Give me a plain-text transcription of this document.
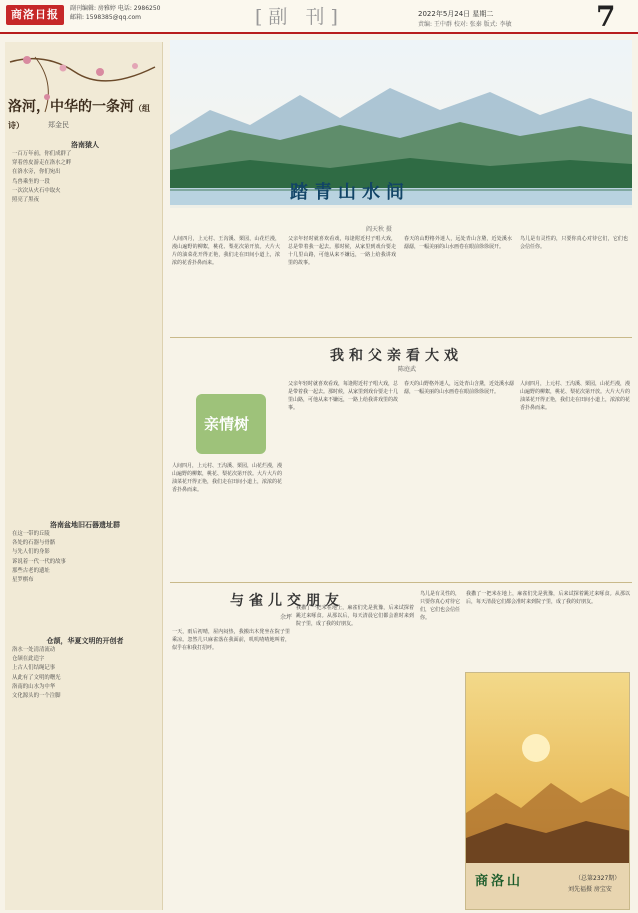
商洛日报	副刊编辑: 房雅婷 电话: 2986250
邮箱: 1598385@qq.com	[副 刊]	2022年5月24日 星期二
责编: 王中群 校对: 张秦 版式: 李敏	7
洛河，中华的一条河（组诗）	郑金民
洛南猿人
一百万年前，你们成群了
穿着兽皮游走在洛水之畔
在洛水旁，你们宛出
鸟兽乘坐的一段
一次次从火石中取火
照亮了黑夜
洛南盆地旧石器遗址群
在这一带的丘陵
各处的石器与骨骼
与先人们的身影
诉说着一代一代的故事
那些古老的遗址
星罗棋布
仓颉，华夏文明的开创者
洛水一处清清流动
仓颉在此造字
上古人们结绳记事
从此有了文明的曙光
洛南的山水为中华
文化源头的一个注脚
踏青山水间
阎天秋 摄
人间四月，上元村、王沟溪、栗园，山花烂漫，漫山遍野的柳絮，桃花、梨花次第开放。大片大片的油菜花开得正艳，我们走在田间小道上，浓浓的花香扑鼻而来。
父亲年轻时就喜欢看戏，每逢附近村子唱大戏，总是带着我一起去。那时候，从家里到戏台要走十几里山路，可他从来不嫌远，一路上给我讲戏里的故事。
春天的山野格外迷人，远处青山含黛，近处溪水潺潺，一幅美丽的山水画卷在眼前徐徐展开。
鸟儿是有灵性的，只要你真心对待它们，它们也会信任你。
我和父亲看大戏
陈庭武
亲情树
人间四月，上元村、王沟溪、栗园，山花烂漫，漫山遍野的柳絮，桃花、梨花次第开放。大片大片的油菜花开得正艳，我们走在田间小道上，浓浓的花香扑鼻而来。
父亲年轻时就喜欢看戏，每逢附近村子唱大戏，总是带着我一起去。那时候，从家里到戏台要走十几里山路，可他从来不嫌远，一路上给我讲戏里的故事。
春天的山野格外迷人，远处青山含黛，近处溪水潺潺，一幅美丽的山水画卷在眼前徐徐展开。
人间四月，上元村、王沟溪、栗园，山花烂漫，漫山遍野的柳絮，桃花、梨花次第开放。大片大片的油菜花开得正艳，我们走在田间小道上，浓浓的花香扑鼻而来。
与雀儿交朋友
余坪
一天，雨后初晴，屋内闷热，我搬出木凳坐在院子里乘凉。忽然几只麻雀落在我面前，叽叽喳喳地叫着，似乎在和我打招呼。
我撒了一把米在地上，麻雀们先是犹豫，后来试探着跳过来啄食。从那以后，每天清晨它们都会准时来到院子里，成了我的好朋友。
鸟儿是有灵性的，只要你真心对待它们，它们也会信任你。
我撒了一把米在地上，麻雀们先是犹豫，后来试探着跳过来啄食。从那以后，每天清晨它们都会准时来到院子里，成了我的好朋友。
商洛山	（总第2327期）
刘先福摄 房宝安
